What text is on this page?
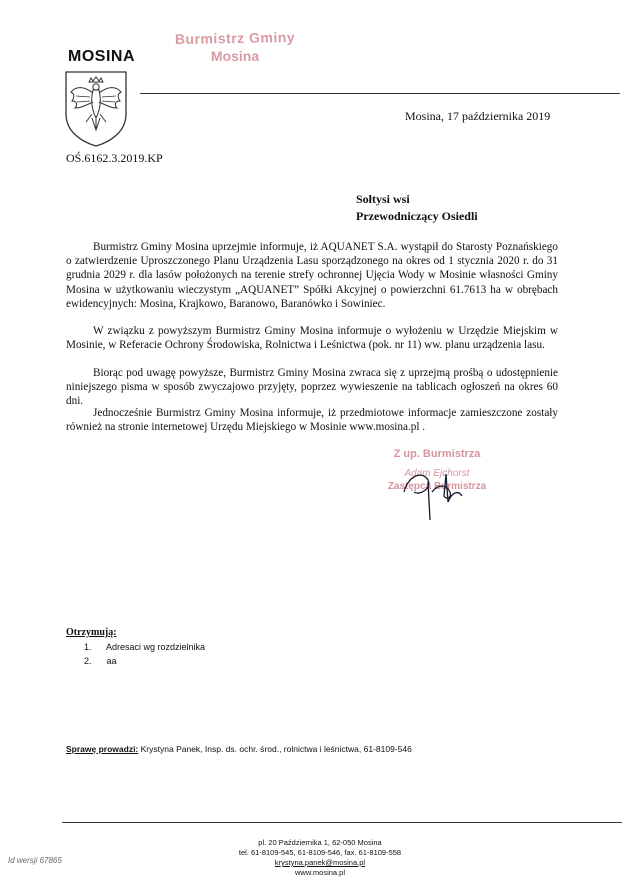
MOSINA
Burmistrz Gminy
Mosina
Mosina, 17 października 2019
OŚ.6162.3.2019.KP
Sołtysi wsi
Przewodniczący Osiedli

Burmistrz Gminy Mosina uprzejmie informuje, iż AQUANET S.A. wystąpił do Starosty Poznańskiego o zatwierdzenie Uproszczonego Planu Urządzenia Lasu sporządzonego na okres od 1 stycznia 2020 r. do 31 grudnia 2029 r. dla lasów położonych na terenie strefy ochronnej Ujęcia Wody w Mosinie własności Gminy Mosina w użytkowaniu wieczystym „AQUANET” Spółki Akcyjnej o powierzchni 61.7613 ha w obrębach ewidencyjnych: Mosina, Krajkowo, Baranowo, Baranówko i Sowiniec.

W związku z powyższym Burmistrz Gminy Mosina informuje o wyłożeniu w Urzędzie Miejskim w Mosinie, w Referacie Ochrony Środowiska, Rolnictwa i Leśnictwa (pok. nr 11) ww. planu urządzenia lasu.

Biorąc pod uwagę powyższe, Burmistrz Gminy Mosina zwraca się z uprzejmą prośbą o udostępnienie niniejszego pisma w sposób zwyczajowo przyjęty, poprzez wywieszenie na tablicach ogłoszeń na okres 60 dni.

Jednocześnie Burmistrz Gminy Mosina informuje, iż przedmiotowe informacje zamieszczone zostały również na stronie internetowej Urzędu Miejskiego w Mosinie www.mosina.pl .

Z up. Burmistrza
Adam Ejchorst
Zastępca Burmistrza
Otrzymują:
1. Adresaci wg rozdzielnika
2. aa
Sprawę prowadzi: Krystyna Panek, Insp. ds. ochr. środ., rolnictwa i leśnictwa, 61-8109-546
pl. 20 Października 1, 62-050 Mosina
tel. 61-8109-545, 61-8109-546, fax. 61-8109-558
krystyna.panek@mosina.pl
www.mosina.pl
Id wersji 67865
